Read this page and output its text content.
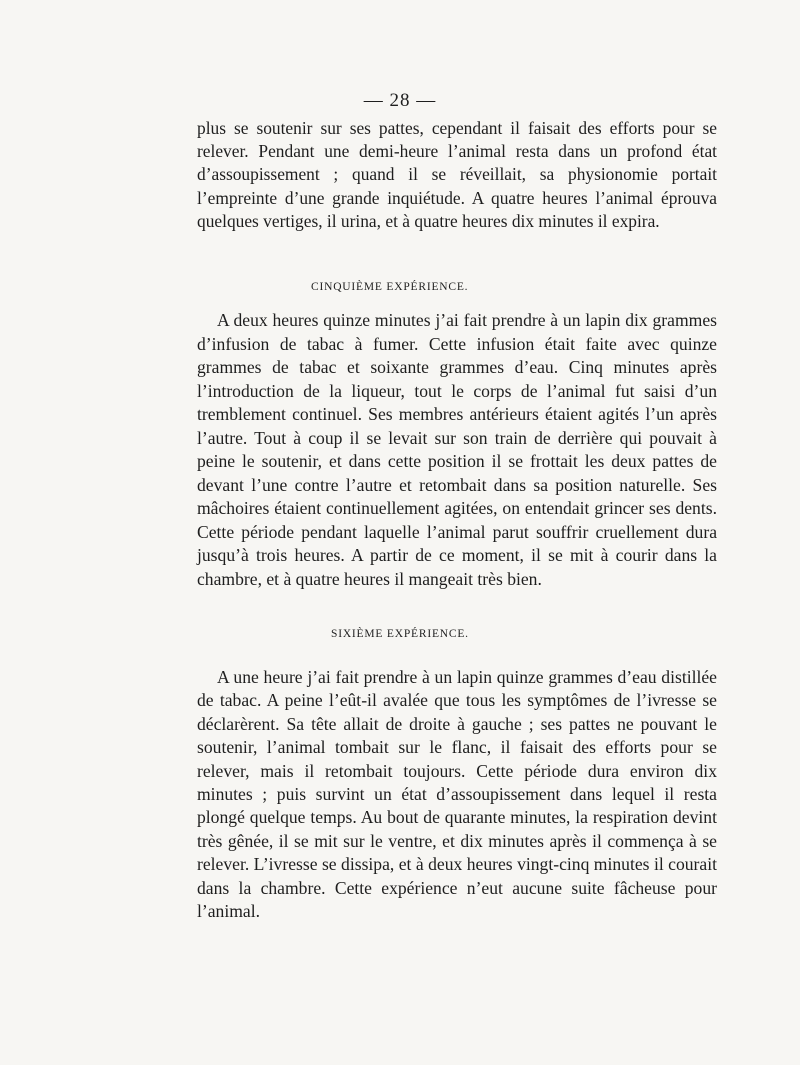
— 28 —

plus se soutenir sur ses pattes, cependant il faisait des efforts pour se relever. Pendant une demi-heure l’animal resta dans un profond état d’assoupissement ; quand il se réveillait, sa physionomie portait l’empreinte d’une grande inquiétude. A quatre heures l’animal éprouva quelques vertiges, il urina, et à quatre heures dix minutes il expira.

CINQUIÈME EXPÉRIENCE.

A deux heures quinze minutes j’ai fait prendre à un lapin dix grammes d’infusion de tabac à fumer. Cette infusion était faite avec quinze grammes de tabac et soixante grammes d’eau. Cinq minutes après l’introduction de la liqueur, tout le corps de l’animal fut saisi d’un tremblement continuel. Ses membres antérieurs étaient agités l’un après l’autre. Tout à coup il se levait sur son train de derrière qui pouvait à peine le soutenir, et dans cette position il se frottait les deux pattes de devant l’une contre l’autre et retombait dans sa position naturelle. Ses mâchoires étaient continuellement agitées, on entendait grincer ses dents. Cette période pendant laquelle l’animal parut souffrir cruellement dura jusqu’à trois heures. A partir de ce moment, il se mit à courir dans la chambre, et à quatre heures il mangeait très bien.

SIXIÈME EXPÉRIENCE.

A une heure j’ai fait prendre à un lapin quinze grammes d’eau distillée de tabac. A peine l’eût-il avalée que tous les symptômes de l’ivresse se déclarèrent. Sa tête allait de droite à gauche ; ses pattes ne pouvant le soutenir, l’animal tombait sur le flanc, il faisait des efforts pour se relever, mais il retombait toujours. Cette période dura environ dix minutes ; puis survint un état d’assoupissement dans lequel il resta plongé quelque temps. Au bout de quarante minutes, la respiration devint très gênée, il se mit sur le ventre, et dix minutes après il commença à se relever. L’ivresse se dissipa, et à deux heures vingt-cinq minutes il courait dans la chambre. Cette expérience n’eut aucune suite fâcheuse pour l’animal.
